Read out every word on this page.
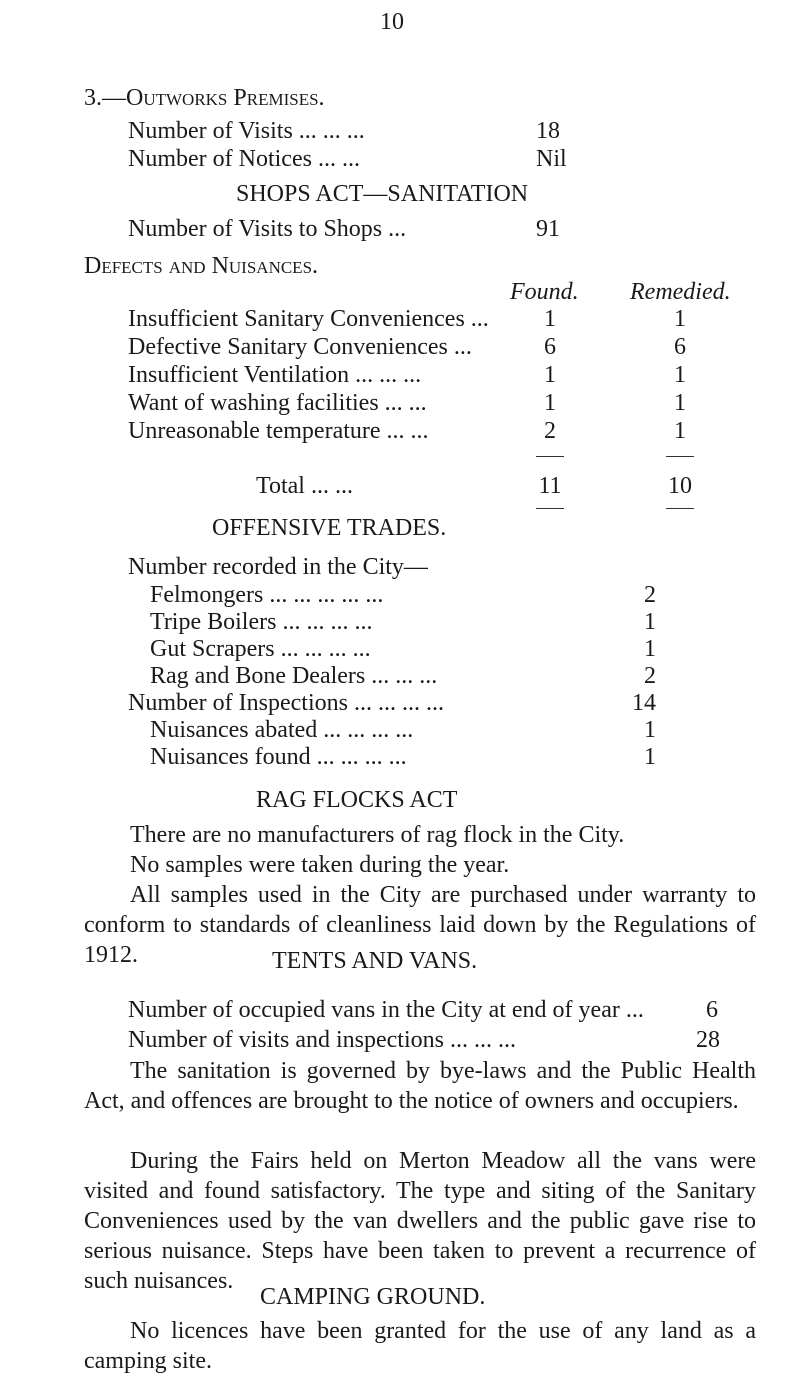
10
3.—Outworks Premises.
Number of Visits ... ... ...	18
Number of Notices ... ...	Nil
SHOPS ACT—SANITATION
Number of Visits to Shops ...	91
Defects and Nuisances.
Found. Remedied.
Insufficient Sanitary Conveniences ...	1	1
Defective Sanitary Conveniences ...	6	6
Insufficient Ventilation ... ... ...	1	1
Want of washing facilities ... ...	1	1
Unreasonable temperature ... ...	2	1
Total ... ...	11	10
OFFENSIVE TRADES.
Number recorded in the City—
Felmongers ... ... ... ... ...	2
Tripe Boilers ... ... ... ...	1
Gut Scrapers ... ... ... ...	1
Rag and Bone Dealers ... ... ...	2
Number of Inspections ... ... ... ...	14
Nuisances abated ... ... ... ...	1
Nuisances found ... ... ... ...	1
RAG FLOCKS ACT
There are no manufacturers of rag flock in the City.
No samples were taken during the year.
All samples used in the City are purchased under warranty to conform to standards of cleanliness laid down by the Regulations of 1912.	TENTS AND VANS.
Number of occupied vans in the City at end of year ...	6
Number of visits and inspections ... ... ...	28
The sanitation is governed by bye-laws and the Public Health Act, and offences are brought to the notice of owners and occupiers.
During the Fairs held on Merton Meadow all the vans were visited and found satisfactory. The type and siting of the Sanitary Conveniences used by the van dwellers and the public gave rise to serious nuisance. Steps have been taken to prevent a recurrence of such nuisances.
CAMPING GROUND.
No licences have been granted for the use of any land as a camping site.
